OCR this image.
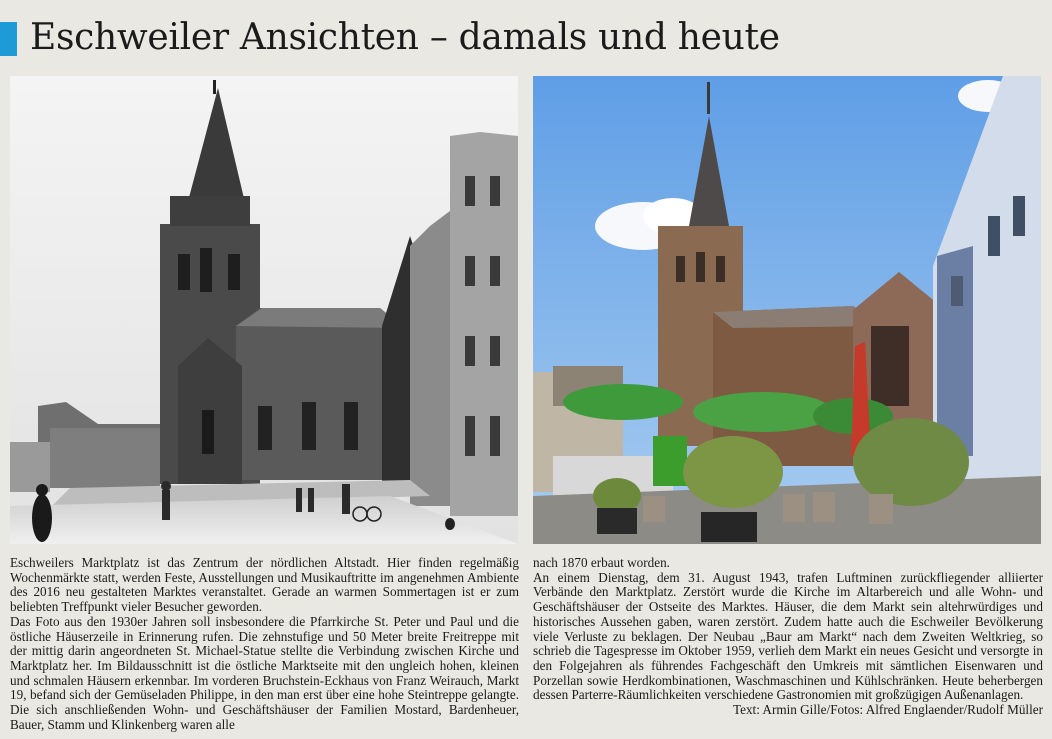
Eschweiler Ansichten – damals und heute

Eschweilers Marktplatz ist das Zentrum der nördlichen Altstadt. Hier finden regelmäßig Wochenmärkte statt, werden Feste, Ausstellungen und Musikauftritte im angenehmen Ambiente des 2016 neu gestalteten Marktes veranstaltet. Gerade an warmen Sommertagen ist er zum beliebten Treffpunkt vieler Besucher geworden.

Das Foto aus den 1930er Jahren soll insbesondere die Pfarrkirche St. Peter und Paul und die östliche Häuserzeile in Erinnerung rufen. Die zehnstufige und 50 Meter breite Freitreppe mit der mittig darin angeordneten St. Michael-Statue stellte die Verbindung zwischen Kirche und Marktplatz her. Im Bildausschnitt ist die östliche Marktseite mit den ungleich hohen, kleinen und schmalen Häusern erkennbar. Im vorderen Bruchstein-Eckhaus von Franz Weirauch, Markt 19, befand sich der Gemüseladen Philippe, in den man erst über eine hohe Steintreppe gelangte. Die sich anschließenden Wohn- und Geschäftshäuser der Familien Mostard, Bardenheuer, Bauer, Stamm und Klinkenberg waren alle

nach 1870 erbaut worden.

An einem Dienstag, dem 31. August 1943, trafen Luftminen zurückfliegender alliierter Verbände den Marktplatz. Zerstört wurde die Kirche im Altarbereich und alle Wohn- und Geschäftshäuser der Ostseite des Marktes. Häuser, die dem Markt sein altehrwürdiges und historisches Aussehen gaben, waren zerstört. Zudem hatte auch die Eschweiler Bevölkerung viele Verluste zu beklagen. Der Neubau „Baur am Markt“ nach dem Zweiten Weltkrieg, so schrieb die Tagespresse im Oktober 1959, verlieh dem Markt ein neues Gesicht und versorgte in den Folgejahren als führendes Fachgeschäft den Umkreis mit sämtlichen Eisenwaren und Porzellan sowie Herdkombinationen, Waschmaschinen und Kühlschränken. Heute beherbergen dessen Parterre-Räumlichkeiten verschiedene Gastronomien mit großzügigen Außenanlagen.

Text: Armin Gille/Fotos: Alfred Englaender/Rudolf Müller
